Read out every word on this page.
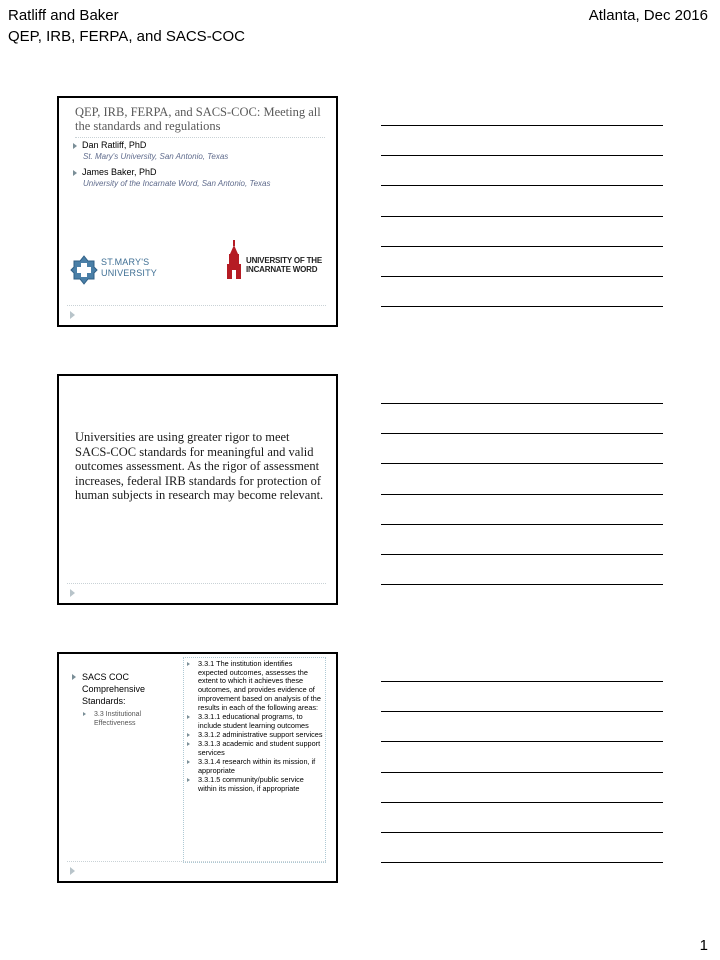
Ratliff and Baker
QEP, IRB, FERPA, and SACS-COC
Atlanta, Dec 2016
QEP, IRB, FERPA, and SACS-COC: Meeting all the standards and regulations
Dan Ratliff, PhD
St. Mary's University, San Antonio, Texas
James Baker, PhD
University of the Incarnate Word, San Antonio, Texas
ST.MARY'S
UNIVERSITY
UNIVERSITY OF THE
INCARNATE WORD
Universities are using greater rigor to meet SACS-COC standards for meaningful and valid outcomes assessment. As the rigor of assessment increases, federal IRB standards for protection of human subjects in research may become relevant.
SACS COC Comprehensive Standards:
3.3 Institutional Effectiveness
3.3.1 The institution identifies expected outcomes, assesses the extent to which it achieves these outcomes, and provides evidence of improvement based on analysis of the results in each of the following areas:
3.3.1.1 educational programs, to include student learning outcomes
3.3.1.2 administrative support services
3.3.1.3 academic and student support services
3.3.1.4 research within its mission, if appropriate
3.3.1.5 community/public service within its mission, if appropriate
1
